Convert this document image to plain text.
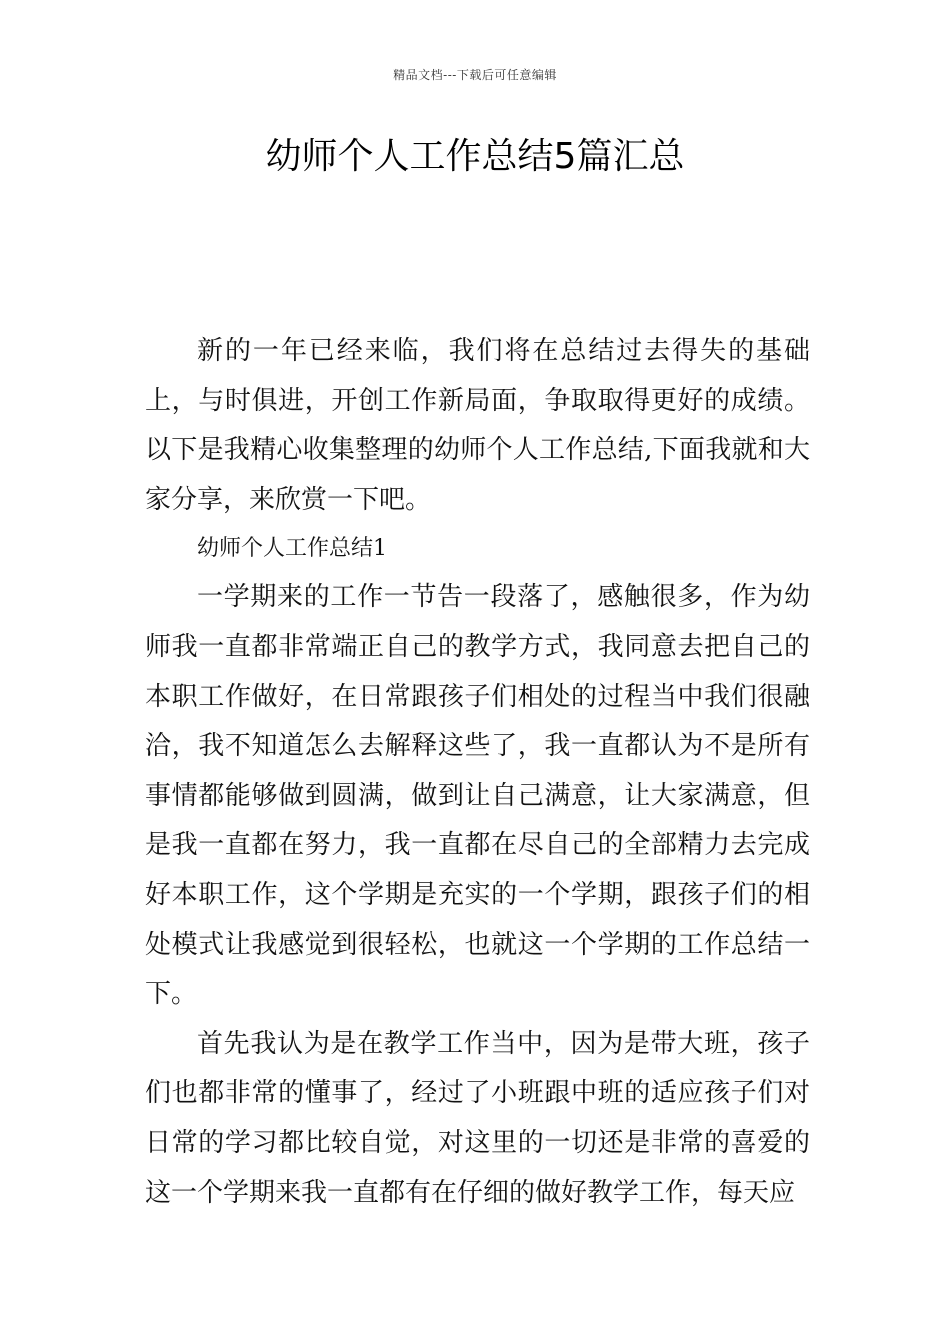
精品文档---下载后可任意编辑
幼师个人工作总结5篇汇总

新的一年已经来临，我们将在总结过去得失的基础上，与时俱进，开创工作新局面，争取取得更好的成绩。以下是我精心收集整理的幼师个人工作总结,下面我就和大家分享，来欣赏一下吧。

幼师个人工作总结1

一学期来的工作一节告一段落了，感触很多，作为幼师我一直都非常端正自己的教学方式，我同意去把自己的本职工作做好，在日常跟孩子们相处的过程当中我们很融洽，我不知道怎么去解释这些了，我一直都认为不是所有事情都能够做到圆满，做到让自己满意，让大家满意，但是我一直都在努力，我一直都在尽自己的全部精力去完成好本职工作，这个学期是充实的一个学期，跟孩子们的相处模式让我感觉到很轻松，也就这一个学期的工作总结一下。

首先我认为是在教学工作当中，因为是带大班，孩子们也都非常的懂事了，经过了小班跟中班的适应孩子们对日常的学习都比较自觉，对这里的一切还是非常的喜爱的这一个学期来我一直都有在仔细的做好教学工作，每天应
